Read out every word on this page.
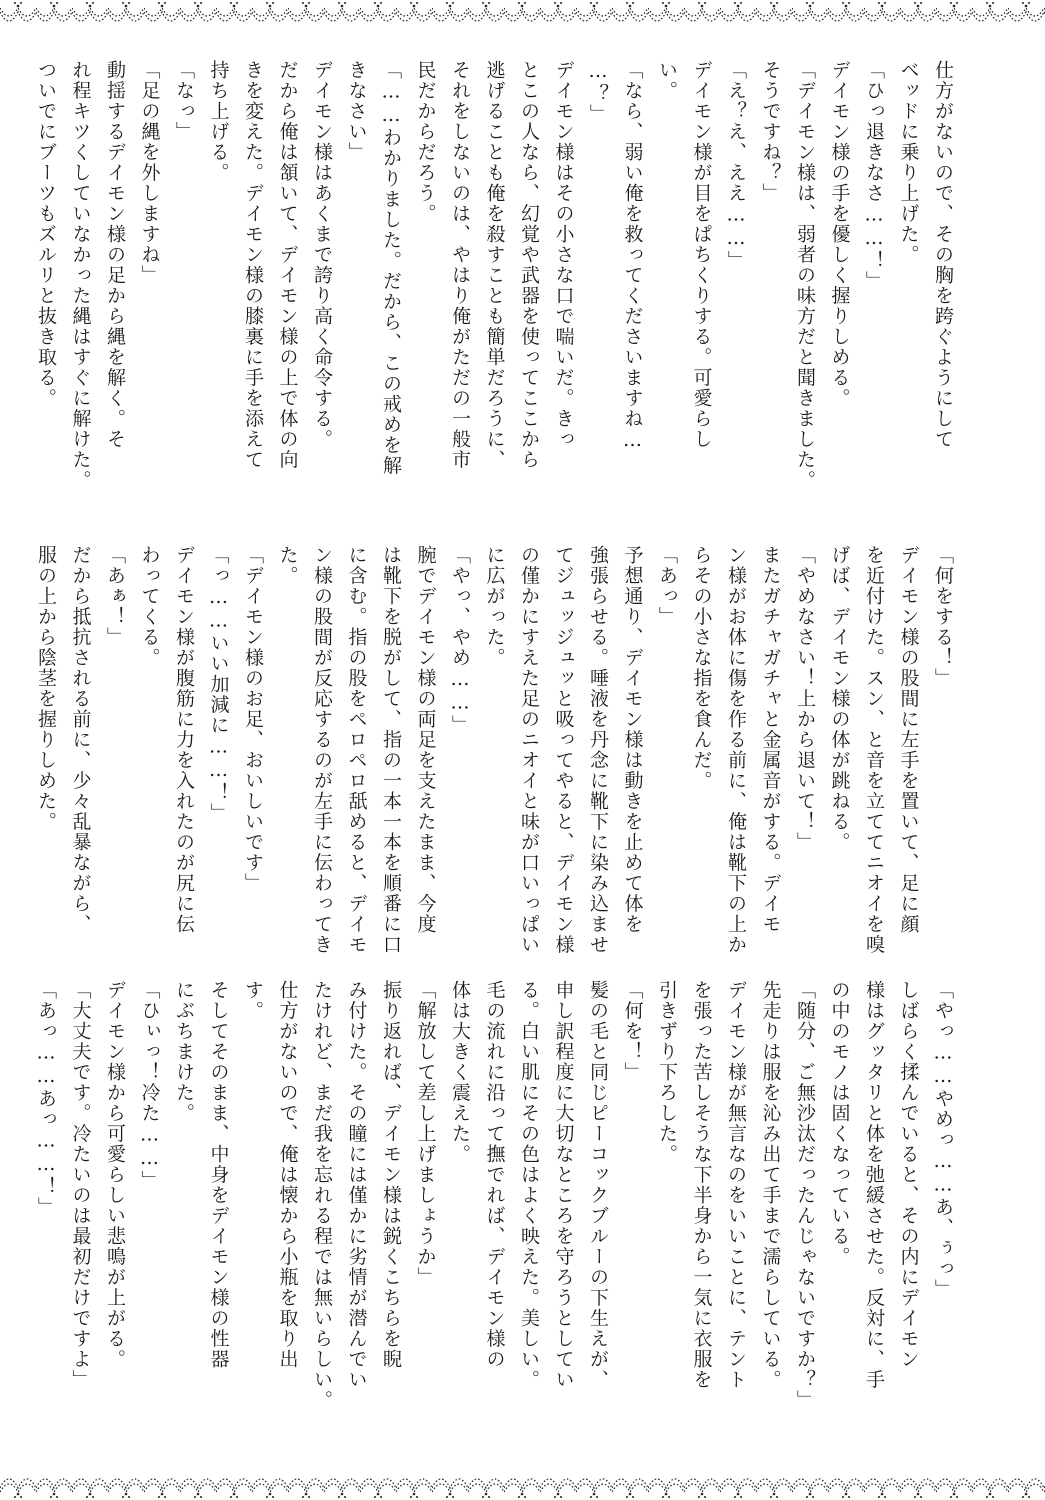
仕方がないので、その胸を跨ぐようにして
ベッドに乗り上げた。
「ひっ退きなさ……！」
デイモン様の手を優しく握りしめる。
「デイモン様は、弱者の味方だと聞きました。
そうですね？」
「え？え、ええ……」
デイモン様が目をぱちくりする。可愛らし
い。
「なら、弱い俺を救ってくださいますね…
…？」
デイモン様はその小さな口で喘いだ。きっ
とこの人なら、幻覚や武器を使ってここから
逃げることも俺を殺すことも簡単だろうに、
それをしないのは、やはり俺がただの一般市
民だからだろう。
「……わかりました。だから、この戒めを解
きなさい」
デイモン様はあくまで誇り高く命令する。
だから俺は頷いて、デイモン様の上で体の向
きを変えた。デイモン様の膝裏に手を添えて
持ち上げる。
「なっ」
「足の縄を外しますね」
動揺するデイモン様の足から縄を解く。そ
れ程キツくしていなかった縄はすぐに解けた。
ついでにブーツもズルリと抜き取る。
「何をする！」
デイモン様の股間に左手を置いて、足に顔
を近付けた。スン、と音を立ててニオイを嗅
げば、デイモン様の体が跳ねる。
「やめなさい！上から退いて！」
またガチャガチャと金属音がする。デイモ
ン様がお体に傷を作る前に、俺は靴下の上か
らその小さな指を食んだ。
「あっ」
予想通り、デイモン様は動きを止めて体を
強張らせる。唾液を丹念に靴下に染み込ませ
てジュッジュッと吸ってやると、デイモン様
の僅かにすえた足のニオイと味が口いっぱい
に広がった。
「やっ、やめ……」
腕でデイモン様の両足を支えたまま、今度
は靴下を脱がして、指の一本一本を順番に口
に含む。指の股をペロペロ舐めると、デイモ
ン様の股間が反応するのが左手に伝わってき
た。
「デイモン様のお足、おいしいです」
「っ……いい加減に……！」
デイモン様が腹筋に力を入れたのが尻に伝
わってくる。
「あぁ！」
だから抵抗される前に、少々乱暴ながら、
服の上から陰茎を握りしめた。
「やっ……やめっ……あ、ぅっ」
しばらく揉んでいると、その内にデイモン
様はグッタリと体を弛緩させた。反対に、手
の中のモノは固くなっている。
「随分、ご無沙汰だったんじゃないですか？」
先走りは服を沁み出て手まで濡らしている。
デイモン様が無言なのをいいことに、テント
を張った苦しそうな下半身から一気に衣服を
引きずり下ろした。
「何を！」
髪の毛と同じピーコックブルーの下生えが、
申し訳程度に大切なところを守ろうとしてい
る。白い肌にその色はよく映えた。美しい。
毛の流れに沿って撫でれば、デイモン様の
体は大きく震えた。
「解放して差し上げましょうか」
振り返れば、デイモン様は鋭くこちらを睨
み付けた。その瞳には僅かに劣情が潜んでい
たけれど、まだ我を忘れる程では無いらしい。
仕方がないので、俺は懐から小瓶を取り出
す。
そしてそのまま、中身をデイモン様の性器
にぶちまけた。
「ひぃっ！冷た……」
デイモン様から可愛らしい悲鳴が上がる。
「大丈夫です。冷たいのは最初だけですよ」
「あっ……あっ……！」
